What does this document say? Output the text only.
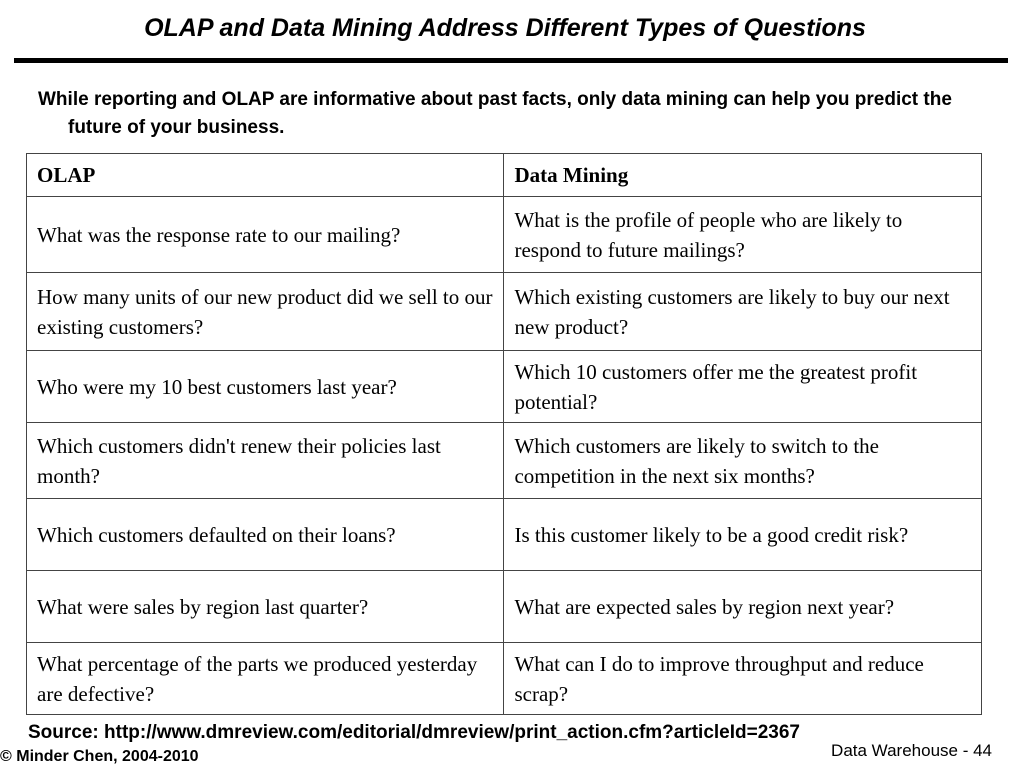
OLAP and Data Mining Address Different Types of Questions
While reporting and OLAP are informative about past facts, only data mining can help you predict the future of your business.
OLAP	Data Mining
What was the response rate to our mailing?	What is the profile of people who are likely to respond to future mailings?
How many units of our new product did we sell to our existing customers?	Which existing customers are likely to buy our next new product?
Who were my 10 best customers last year?	Which 10 customers offer me the greatest profit potential?
Which customers didn't renew their policies last month?	Which customers are likely to switch to the competition in the next six months?
Which customers defaulted on their loans?	Is this customer likely to be a good credit risk?
What were sales by region last quarter?	What are expected sales by region next year?
What percentage of the parts we produced yesterday are defective?	What can I do to improve throughput and reduce scrap?
Source: http://www.dmreview.com/editorial/dmreview/print_action.cfm?articleId=2367
© Minder Chen, 2004-2010	Data Warehouse - 44
